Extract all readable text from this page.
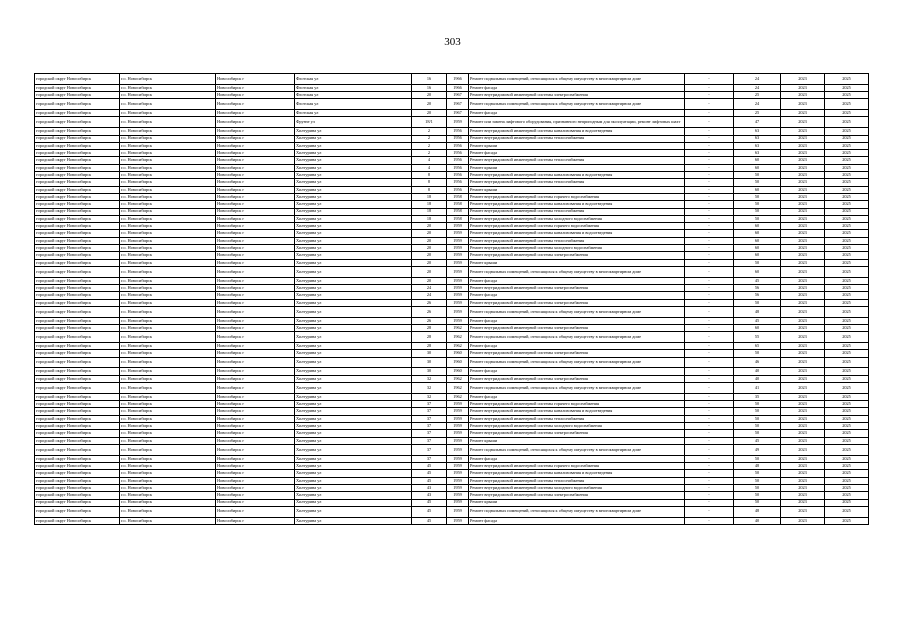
303
городской округ Новосибирск	г.о. Новосибирск	Новосибирск г	Флотская ул	16	1966	Ремонт подвальных помещений, относящихся к общему имуществу в многоквартирном доме	-	24	2023	2025
городской округ Новосибирск	г.о. Новосибирск	Новосибирск г	Флотская ул	16	1966	Ремонт фасада	-	24	2023	2025
городской округ Новосибирск	г.о. Новосибирск	Новосибирск г	Флотская ул	20	1967	Ремонт внутридомовой инженерной системы электроснабжения	-	25	2023	2025
городской округ Новосибирск	г.о. Новосибирск	Новосибирск г	Флотская ул	20	1967	Ремонт подвальных помещений, относящихся к общему имуществу в многоквартирном доме	-	24	2023	2025
городской округ Новосибирск	г.о. Новосибирск	Новосибирск г	Флотская ул	20	1967	Ремонт фасада	-	25	2023	2025
городской округ Новосибирск	г.о. Новосибирск	Новосибирск г	Фрунзе ул	18/1	1959	Ремонт или замена лифтового оборудования, признанного непригодным для эксплуатации, ремонт лифтовых шахт	-	47	2023	2025
городской округ Новосибирск	г.о. Новосибирск	Новосибирск г	Хилтурина ул	2	1956	Ремонт внутридомовой инженерной системы канализования и водоотведения	-	63	2023	2025
городской округ Новосибирск	г.о. Новосибирск	Новосибирск г	Хилтурина ул	2	1956	Ремонт внутридомовой инженерной системы теплоснабжения	-	63	2023	2025
городской округ Новосибирск	г.о. Новосибирск	Новосибирск г	Хилтурина ул	2	1956	Ремонт крыши	-	63	2023	2025
городской округ Новосибирск	г.о. Новосибирск	Новосибирск г	Хилтурина ул	2	1956	Ремонт фасада	-	63	2023	2025
городской округ Новосибирск	г.о. Новосибирск	Новосибирск г	Хилтурина ул	4	1956	Ремонт внутридомовой инженерной системы теплоснабжения	-	60	2023	2025
городской округ Новосибирск	г.о. Новосибирск	Новосибирск г	Хилтурина ул	4	1956	Ремонт крыши	-	60	2023	2025
городской округ Новосибирск	г.о. Новосибирск	Новосибирск г	Хилтурина ул	8	1956	Ремонт внутридомовой инженерной системы канализования и водоотведения	-	50	2023	2025
городской округ Новосибирск	г.о. Новосибирск	Новосибирск г	Хилтурина ул	8	1956	Ремонт внутридомовой инженерной системы теплоснабжения	-	50	2023	2025
городской округ Новосибирск	г.о. Новосибирск	Новосибирск г	Хилтурина ул	8	1956	Ремонт крыши	-	60	2023	2025
городской округ Новосибирск	г.о. Новосибирск	Новосибирск г	Хилтурина ул	18	1958	Ремонт внутридомовой инженерной системы горячего водоснабжения	-	50	2023	2025
городской округ Новосибирск	г.о. Новосибирск	Новосибирск г	Хилтурина ул	18	1958	Ремонт внутридомовой инженерной системы канализования и водоотведения	-	50	2023	2025
городской округ Новосибирск	г.о. Новосибирск	Новосибирск г	Хилтурина ул	18	1958	Ремонт внутридомовой инженерной системы теплоснабжения	-	50	2023	2025
городской округ Новосибирск	г.о. Новосибирск	Новосибирск г	Хилтурина ул	18	1958	Ремонт внутридомовой инженерной системы холодного водоснабжения	-	50	2023	2025
городской округ Новосибирск	г.о. Новосибирск	Новосибирск г	Хилтурина ул	20	1959	Ремонт внутридомовой инженерной системы горячего водоснабжения	-	60	2023	2025
городской округ Новосибирск	г.о. Новосибирск	Новосибирск г	Хилтурина ул	20	1959	Ремонт внутридомовой инженерной системы канализования и водоотведения	-	60	2023	2025
городской округ Новосибирск	г.о. Новосибирск	Новосибирск г	Хилтурина ул	20	1959	Ремонт внутридомовой инженерной системы теплоснабжения	-	60	2023	2025
городской округ Новосибирск	г.о. Новосибирск	Новосибирск г	Хилтурина ул	20	1959	Ремонт внутридомовой инженерной системы холодного водоснабжения	-	60	2023	2025
городской округ Новосибирск	г.о. Новосибирск	Новосибирск г	Хилтурина ул	20	1959	Ремонт внутридомовой инженерной системы электроснабжения	-	60	2023	2025
городской округ Новосибирск	г.о. Новосибирск	Новосибирск г	Хилтурина ул	20	1959	Ремонт крыши	-	50	2023	2025
городской округ Новосибирск	г.о. Новосибирск	Новосибирск г	Хилтурина ул	20	1959	Ремонт подвальных помещений, относящихся к общему имуществу в многоквартирном доме	-	60	2023	2025
городской округ Новосибирск	г.о. Новосибирск	Новосибирск г	Хилтурина ул	20	1959	Ремонт фасада	-	45	2023	2025
городской округ Новосибирск	г.о. Новосибирск	Новосибирск г	Хилтурина ул	24	1959	Ремонт внутридомовой инженерной системы электроснабжения	-	56	2023	2025
городской округ Новосибирск	г.о. Новосибирск	Новосибирск г	Хилтурина ул	24	1959	Ремонт фасада	-	56	2023	2025
городской округ Новосибирск	г.о. Новосибирск	Новосибирск г	Хилтурина ул	26	1959	Ремонт внутридомовой инженерной системы электроснабжения	-	50	2023	2025
городской округ Новосибирск	г.о. Новосибирск	Новосибирск г	Хилтурина ул	26	1959	Ремонт подвальных помещений, относящихся к общему имуществу в многоквартирном доме	-	48	2023	2025
городской округ Новосибирск	г.о. Новосибирск	Новосибирск г	Хилтурина ул	26	1959	Ремонт фасада	-	45	2023	2025
городской округ Новосибирск	г.о. Новосибирск	Новосибирск г	Хилтурина ул	28	1962	Ремонт внутридомовой инженерной системы электроснабжения	-	60	2023	2025
городской округ Новосибирск	г.о. Новосибирск	Новосибирск г	Хилтурина ул	28	1962	Ремонт подвальных помещений, относящихся к общему имуществу в многоквартирном доме	-	55	2023	2025
городской округ Новосибирск	г.о. Новосибирск	Новосибирск г	Хилтурина ул	28	1962	Ремонт фасада	-	65	2023	2025
городской округ Новосибирск	г.о. Новосибирск	Новосибирск г	Хилтурина ул	30	1960	Ремонт внутридомовой инженерной системы электроснабжения	-	50	2023	2025
городской округ Новосибирск	г.о. Новосибирск	Новосибирск г	Хилтурина ул	30	1960	Ремонт подвальных помещений, относящихся к общему имуществу в многоквартирном доме	-	46	2023	2025
городской округ Новосибирск	г.о. Новосибирск	Новосибирск г	Хилтурина ул	30	1960	Ремонт фасада	-	40	2023	2025
городской округ Новосибирск	г.о. Новосибирск	Новосибирск г	Хилтурина ул	32	1962	Ремонт внутридомовой инженерной системы электроснабжения	-	40	2023	2025
городской округ Новосибирск	г.о. Новосибирск	Новосибирск г	Хилтурина ул	32	1962	Ремонт подвальных помещений, относящихся к общему имуществу в многоквартирном доме	-	41	2023	2025
городской округ Новосибирск	г.о. Новосибирск	Новосибирск г	Хилтурина ул	32	1962	Ремонт фасада	-	35	2023	2025
городской округ Новосибирск	г.о. Новосибирск	Новосибирск г	Хилтурина ул	37	1959	Ремонт внутридомовой инженерной системы горячего водоснабжения	-	50	2023	2025
городской округ Новосибирск	г.о. Новосибирск	Новосибирск г	Хилтурина ул	37	1959	Ремонт внутридомовой инженерной системы канализования и водоотведения	-	50	2023	2025
городской округ Новосибирск	г.о. Новосибирск	Новосибирск г	Хилтурина ул	37	1959	Ремонт внутридомовой инженерной системы теплоснабжения	-	50	2023	2025
городской округ Новосибирск	г.о. Новосибирск	Новосибирск г	Хилтурина ул	37	1959	Ремонт внутридомовой инженерной системы холодного водоснабжения	-	50	2023	2025
городской округ Новосибирск	г.о. Новосибирск	Новосибирск г	Хилтурина ул	37	1959	Ремонт внутридомовой инженерной системы электроснабжения	-	50	2023	2025
городской округ Новосибирск	г.о. Новосибирск	Новосибирск г	Хилтурина ул	37	1959	Ремонт крыши	-	45	2023	2025
городской округ Новосибирск	г.о. Новосибирск	Новосибирск г	Хилтурина ул	37	1959	Ремонт подвальных помещений, относящихся к общему имуществу в многоквартирном доме	-	49	2023	2025
городской округ Новосибирск	г.о. Новосибирск	Новосибирск г	Хилтурина ул	37	1959	Ремонт фасада	-	50	2023	2025
городской округ Новосибирск	г.о. Новосибирск	Новосибирск г	Хилтурина ул	45	1959	Ремонт внутридомовой инженерной системы горячего водоснабжения	-	48	2023	2025
городской округ Новосибирск	г.о. Новосибирск	Новосибирск г	Хилтурина ул	45	1959	Ремонт внутридомовой инженерной системы канализования и водоотведения	-	50	2023	2025
городской округ Новосибирск	г.о. Новосибирск	Новосибирск г	Хилтурина ул	45	1959	Ремонт внутридомовой инженерной системы теплоснабжения	-	50	2023	2025
городской округ Новосибирск	г.о. Новосибирск	Новосибирск г	Хилтурина ул	43	1959	Ремонт внутридомовой инженерной системы холодного водоснабжения	-	50	2023	2025
городской округ Новосибирск	г.о. Новосибирск	Новосибирск г	Хилтурина ул	43	1959	Ремонт внутридомовой инженерной системы электроснабжения	-	50	2023	2025
городской округ Новосибирск	г.о. Новосибирск	Новосибирск г	Хилтурина ул	45	1959	Ремонт крыши	-	50	2023	2025
городской округ Новосибирск	г.о. Новосибирск	Новосибирск г	Хилтурина ул	45	1959	Ремонт подвальных помещений, относящихся к общему имуществу в многоквартирном доме	-	48	2023	2025
городской округ Новосибирск	г.о. Новосибирск	Новосибирск г	Хилтурина ул	45	1959	Ремонт фасада	-	40	2023	2025
